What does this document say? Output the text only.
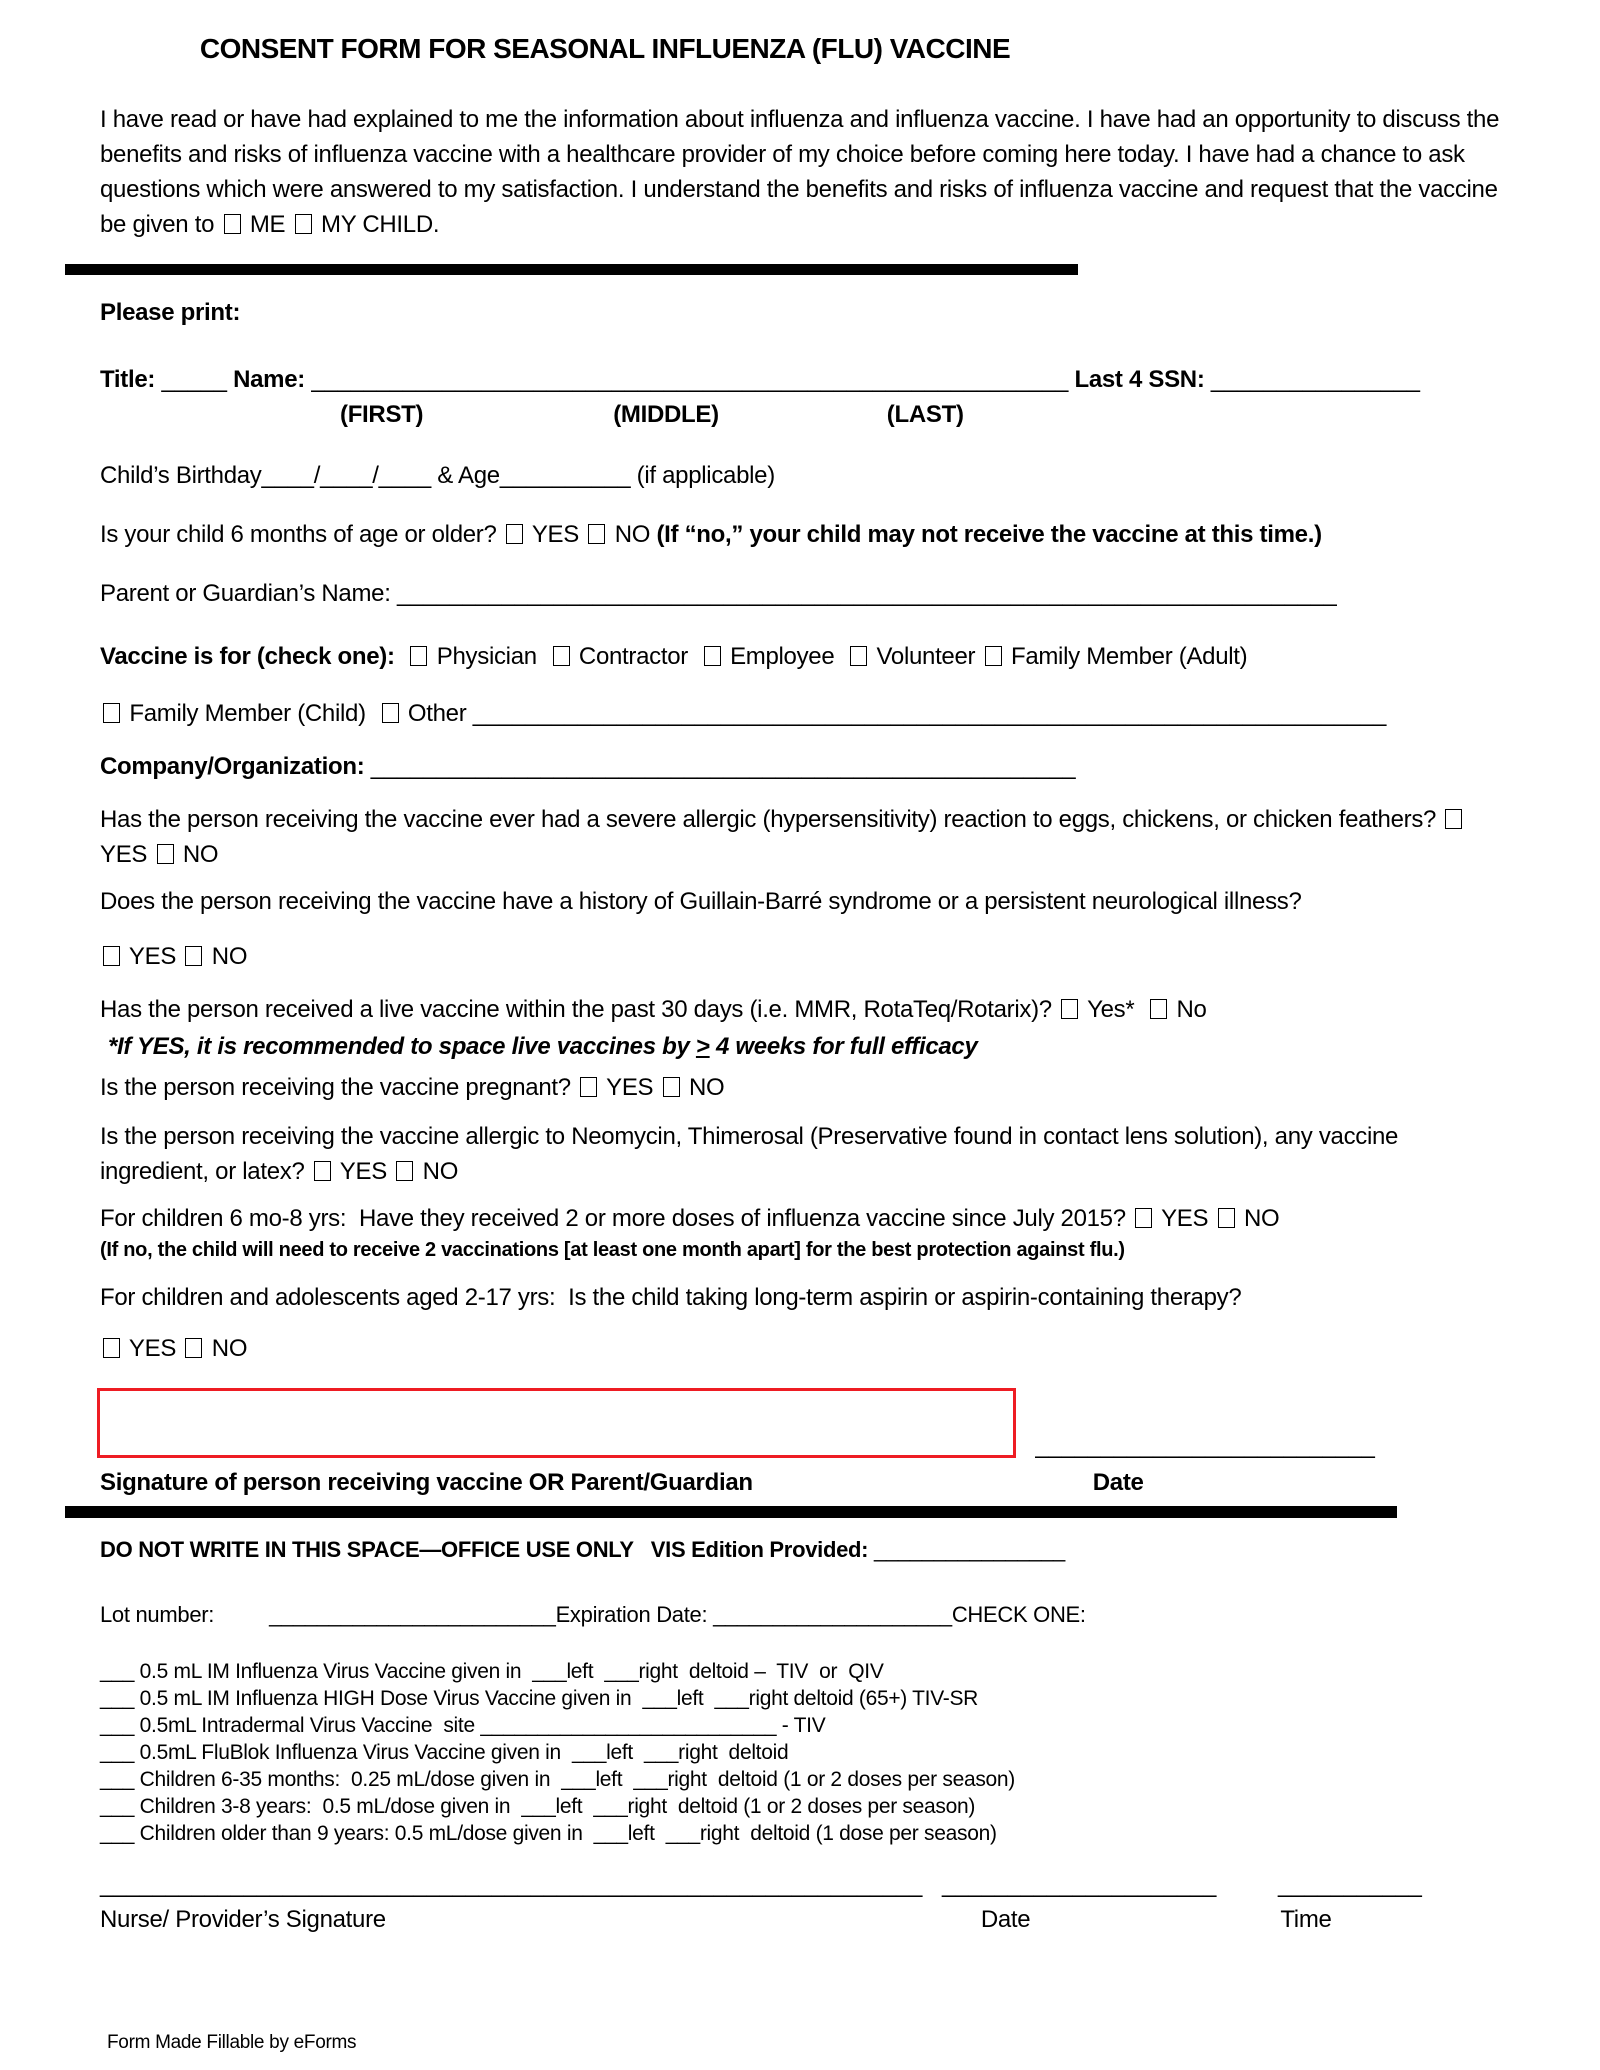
CONSENT FORM FOR SEASONAL INFLUENZA (FLU) VACCINE
I have read or have had explained to me the information about influenza and influenza vaccine. I have had an opportunity to discuss the benefits and risks of influenza vaccine with a healthcare provider of my choice before coming here today. I have had a chance to ask questions which were answered to my satisfaction. I understand the benefits and risks of influenza vaccine and request that the vaccine be given to  ME  MY CHILD.
Please print:
Title: _____ Name: __________________________________________________________ Last 4 SSN: ________________
(FIRST)	(MIDDLE)	(LAST)
Child’s Birthday____/____/____ & Age__________ (if applicable)
Is your child 6 months of age or older?  YES  NO (If “no,” your child may not receive the vaccine at this time.)
Parent or Guardian’s Name: ________________________________________________________________________
Vaccine is for (check one):   Physician   Contractor   Employee   Volunteer  Family Member (Adult)
Family Member (Child)   Other ______________________________________________________________________
Company/Organization: ______________________________________________________
Has the person receiving the vaccine ever had a severe allergic (hypersensitivity) reaction to eggs, chickens, or chicken feathers?  YES  NO
Does the person receiving the vaccine have a history of Guillain-Barré syndrome or a persistent neurological illness?
YES  NO
Has the person received a live vaccine within the past 30 days (i.e. MMR, RotaTeq/Rotarix)?  Yes*   No
*If YES, it is recommended to space live vaccines by > 4 weeks for full efficacy
Is the person receiving the vaccine pregnant?  YES  NO
Is the person receiving the vaccine allergic to Neomycin, Thimerosal (Preservative found in contact lens solution), any vaccine ingredient, or latex?  YES  NO
For children 6 mo-8 yrs:  Have they received 2 or more doses of influenza vaccine since July 2015?  YES  NO
(If no, the child will need to receive 2 vaccinations [at least one month apart] for the best protection against flu.)
For children and adolescents aged 2-17 yrs:  Is the child taking long-term aspirin or aspirin-containing therapy?
YES  NO
______________________________________________________________________ __________________________
Signature of person receiving vaccine OR Parent/Guardian	Date
DO NOT WRITE IN THIS SPACE—OFFICE USE ONLY   VIS Edition Provided: ________________
Lot number:	________________________Expiration Date: ____________________CHECK ONE:
___ 0.5 mL IM Influenza Virus Vaccine given in  ___left  ___right  deltoid –  TIV  or  QIV
___ 0.5 mL IM Influenza HIGH Dose Virus Vaccine given in  ___left  ___right deltoid (65+) TIV-SR
___ 0.5mL Intradermal Virus Vaccine  site __________________________ - TIV
___ 0.5mL FluBlok Influenza Virus Vaccine given in  ___left  ___right  deltoid
___ Children 6-35 months:  0.25 mL/dose given in  ___left  ___right  deltoid (1 or 2 doses per season)
___ Children 3-8 years:  0.5 mL/dose given in  ___left  ___right  deltoid (1 or 2 doses per season)
___ Children older than 9 years: 0.5 mL/dose given in  ___left  ___right  deltoid (1 dose per season)
_______________________________________________________________ _____________________	___________
Nurse/ Provider’s Signature	Date	Time
Form Made Fillable by eForms
